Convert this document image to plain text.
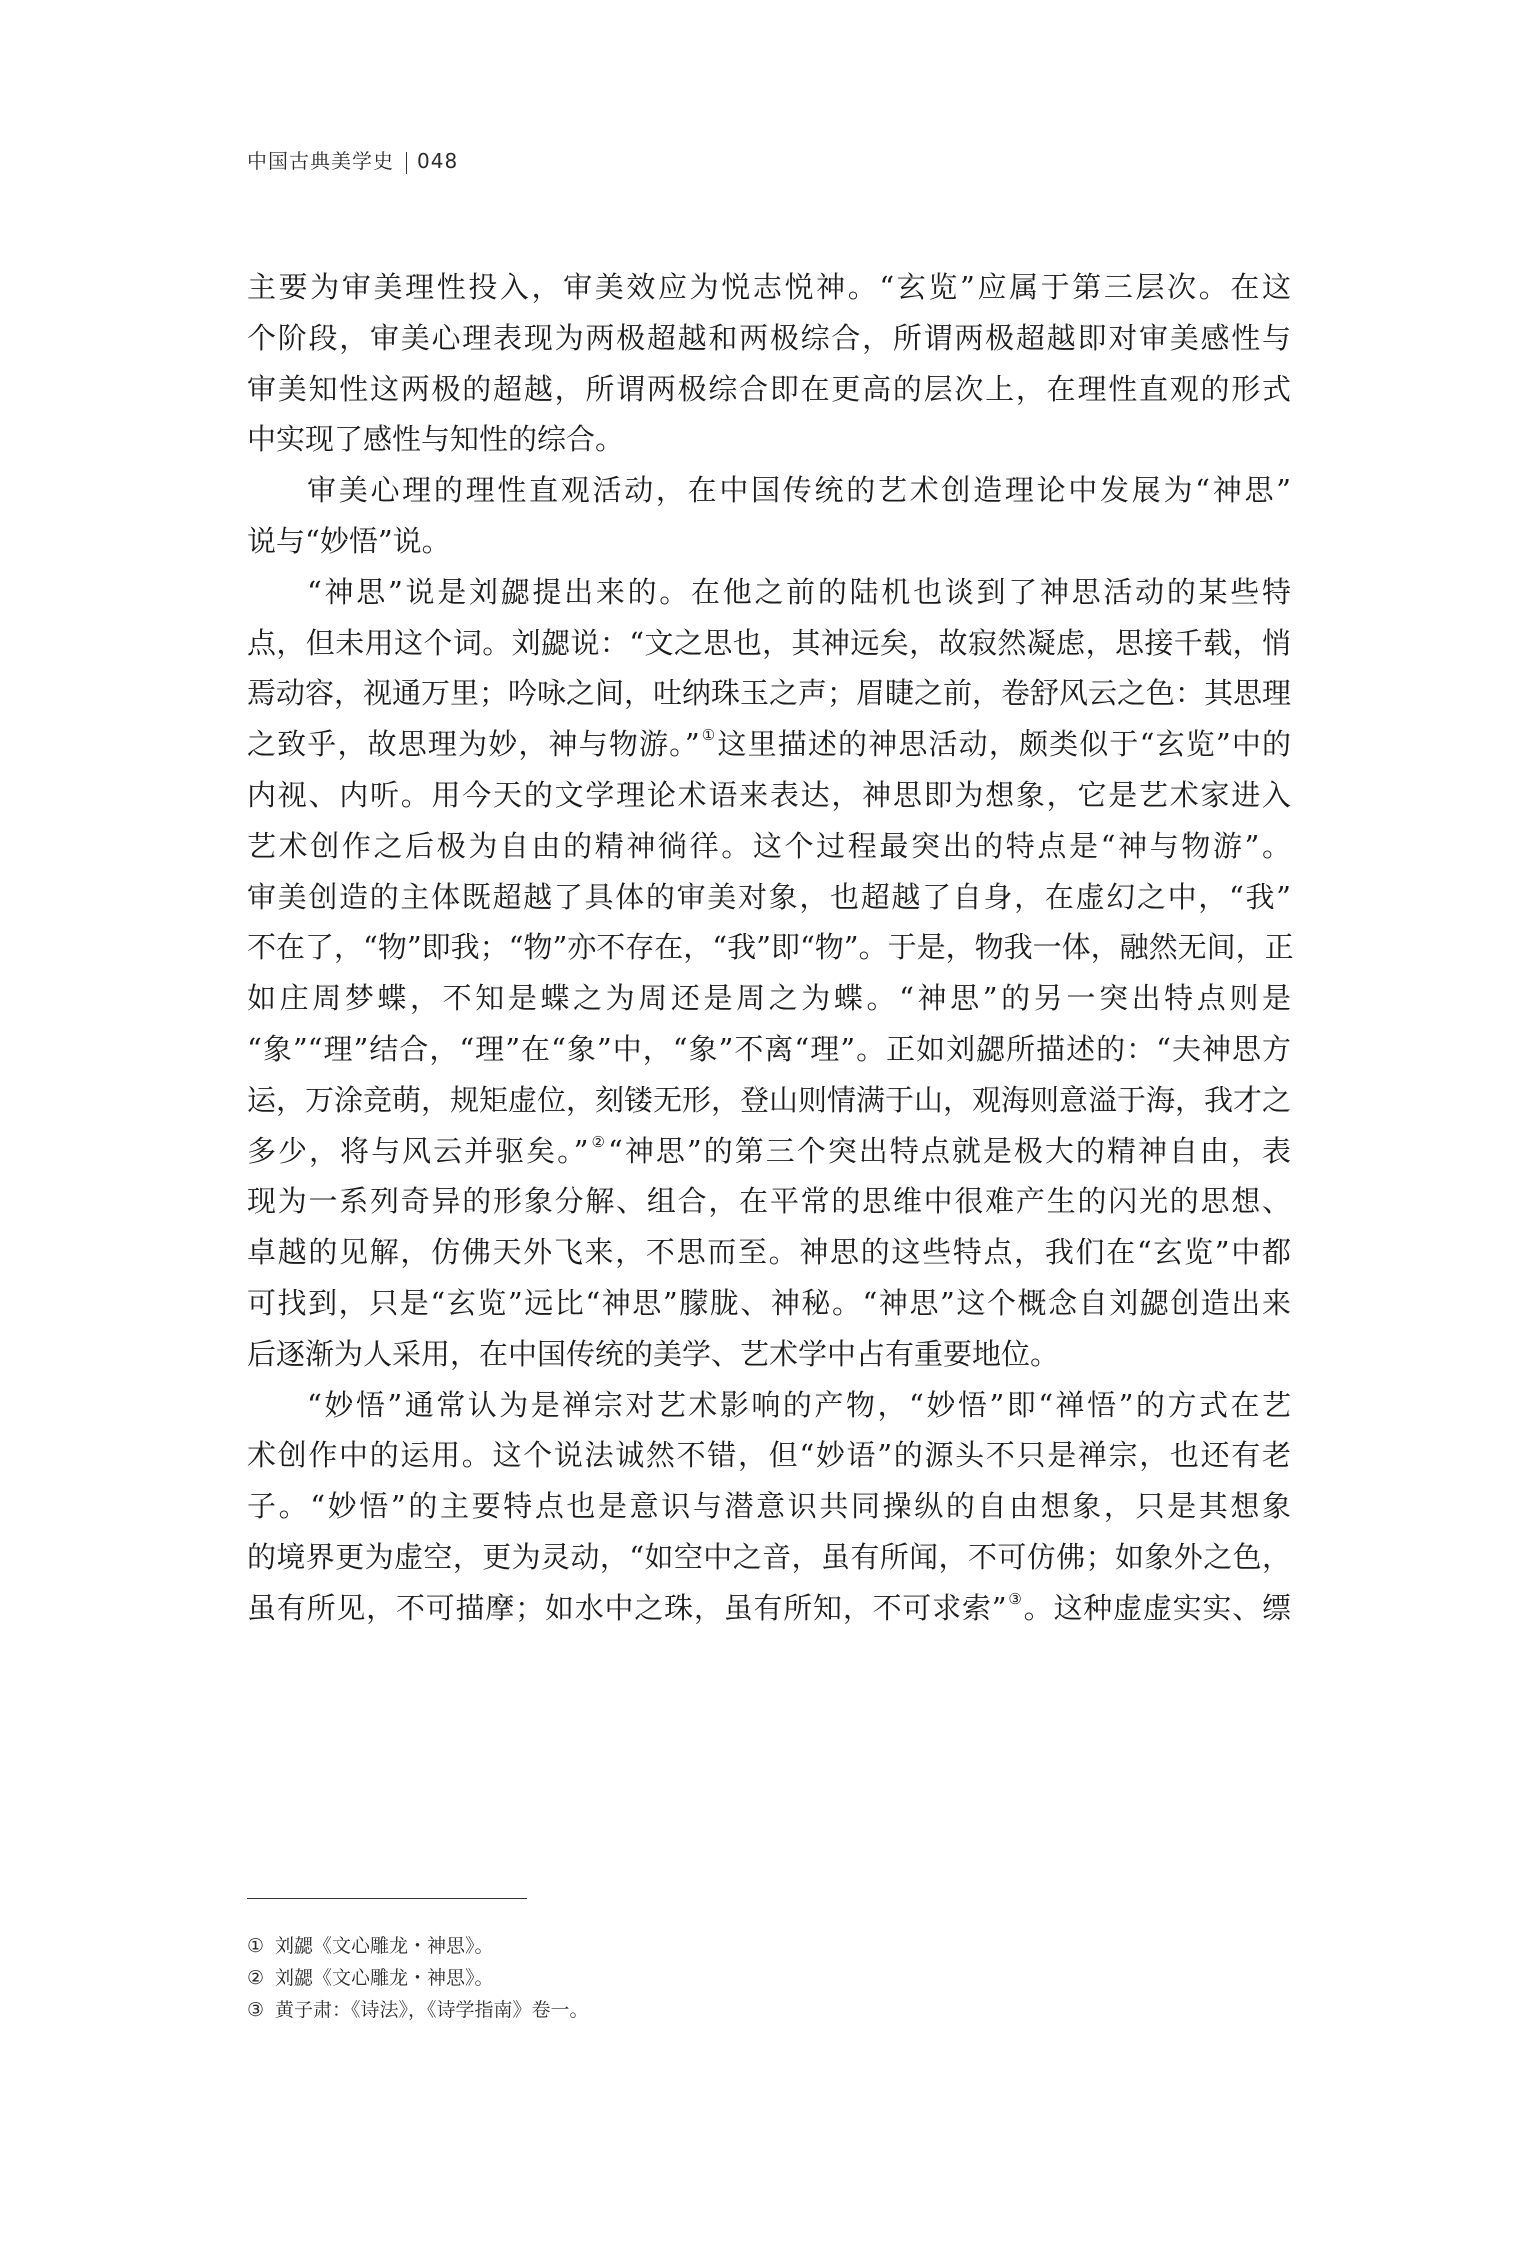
中国古典美学史 048
主要为审美理性投入，审美效应为悦志悦神。“玄览”应属于第三层次。在这
个阶段，审美心理表现为两极超越和两极综合，所谓两极超越即对审美感性与
审美知性这两极的超越，所谓两极综合即在更高的层次上，在理性直观的形式
中实现了感性与知性的综合。
审美心理的理性直观活动，在中国传统的艺术创造理论中发展为“神思”
说与“妙悟”说。
“神思”说是刘勰提出来的。在他之前的陆机也谈到了神思活动的某些特
点，但未用这个词。刘勰说：“文之思也，其神远矣，故寂然凝虑，思接千载，悄
焉动容，视通万里；吟咏之间，吐纳珠玉之声；眉睫之前，卷舒风云之色：其思理
之致乎，故思理为妙，神与物游。”①这里描述的神思活动，颇类似于“玄览”中的
内视、内听。用今天的文学理论术语来表达，神思即为想象，它是艺术家进入
艺术创作之后极为自由的精神徜徉。这个过程最突出的特点是“神与物游”。
审美创造的主体既超越了具体的审美对象，也超越了自身，在虚幻之中，“我”
不在了，“物”即我；“物”亦不存在，“我”即“物”。于是，物我一体，融然无间，正
如庄周梦蝶，不知是蝶之为周还是周之为蝶。“神思”的另一突出特点则是
“象”“理”结合，“理”在“象”中，“象”不离“理”。正如刘勰所描述的：“夫神思方
运，万涂竞萌，规矩虚位，刻镂无形，登山则情满于山，观海则意溢于海，我才之
多少，将与风云并驱矣。”②“神思”的第三个突出特点就是极大的精神自由，表
现为一系列奇异的形象分解、组合，在平常的思维中很难产生的闪光的思想、
卓越的见解，仿佛天外飞来，不思而至。神思的这些特点，我们在“玄览”中都
可找到，只是“玄览”远比“神思”朦胧、神秘。“神思”这个概念自刘勰创造出来
后逐渐为人采用，在中国传统的美学、艺术学中占有重要地位。
“妙悟”通常认为是禅宗对艺术影响的产物，“妙悟”即“禅悟”的方式在艺
术创作中的运用。这个说法诚然不错，但“妙语”的源头不只是禅宗，也还有老
子。“妙悟”的主要特点也是意识与潜意识共同操纵的自由想象，只是其想象
的境界更为虚空，更为灵动，“如空中之音，虽有所闻，不可仿佛；如象外之色，
虽有所见，不可描摩；如水中之珠，虽有所知，不可求索”③。这种虚虚实实、缥
① 刘勰《文心雕龙・神思》。
② 刘勰《文心雕龙・神思》。
③ 黄子肃：《诗法》，《诗学指南》卷一。
